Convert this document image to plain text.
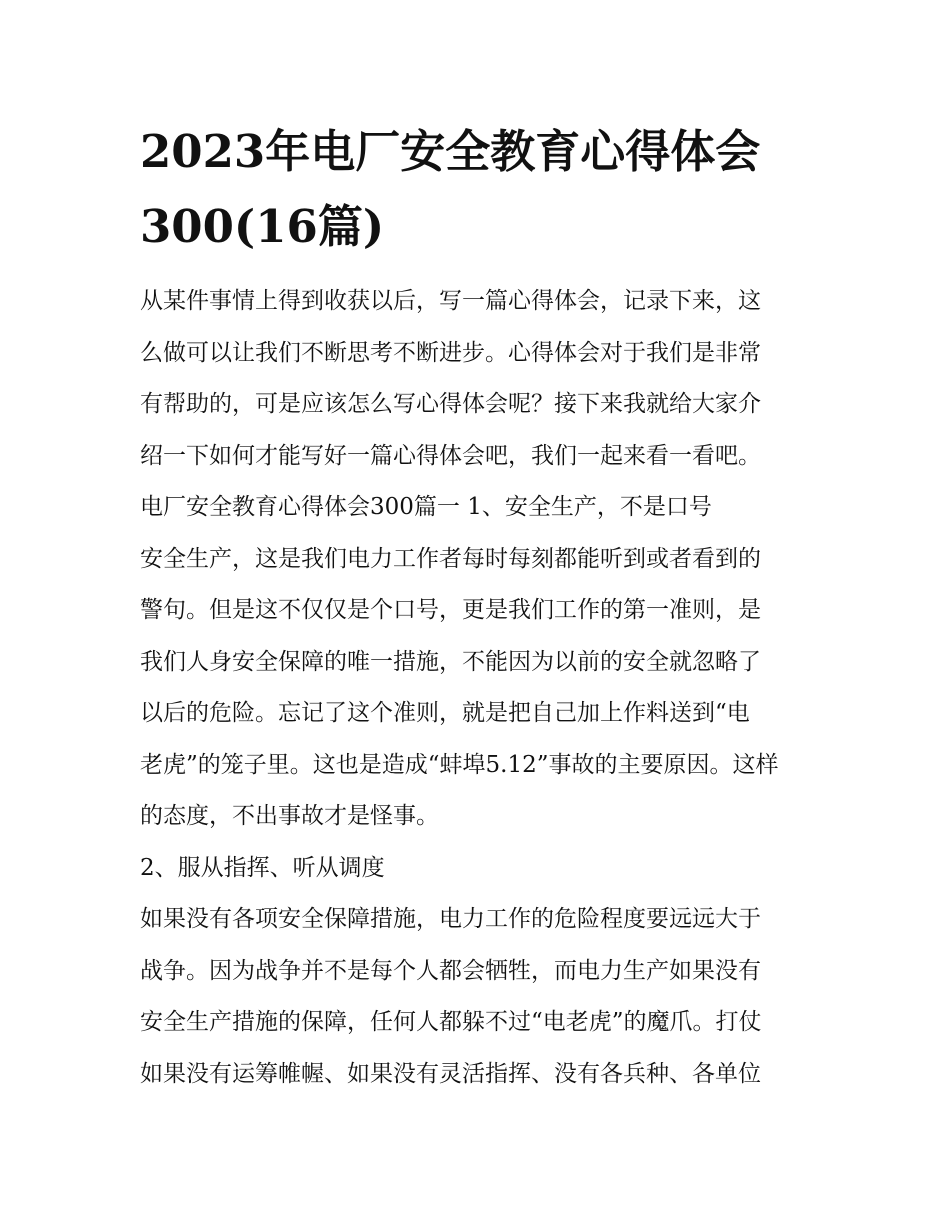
2023年电厂安全教育心得体会
300(16篇)
从某件事情上得到收获以后，写一篇心得体会，记录下来，这
么做可以让我们不断思考不断进步。心得体会对于我们是非常
有帮助的，可是应该怎么写心得体会呢？接下来我就给大家介
绍一下如何才能写好一篇心得体会吧，我们一起来看一看吧。
电厂安全教育心得体会300篇一 1、安全生产，不是口号
安全生产，这是我们电力工作者每时每刻都能听到或者看到的
警句。但是这不仅仅是个口号，更是我们工作的第一准则，是
我们人身安全保障的唯一措施，不能因为以前的安全就忽略了
以后的危险。忘记了这个准则，就是把自己加上作料送到“电
老虎”的笼子里。这也是造成“蚌埠5.12”事故的主要原因。这样
的态度，不出事故才是怪事。
2、服从指挥、听从调度
如果没有各项安全保障措施，电力工作的危险程度要远远大于
战争。因为战争并不是每个人都会牺牲，而电力生产如果没有
安全生产措施的保障，任何人都躲不过“电老虎”的魔爪。打仗
如果没有运筹帷幄、如果没有灵活指挥、没有各兵种、各单位
